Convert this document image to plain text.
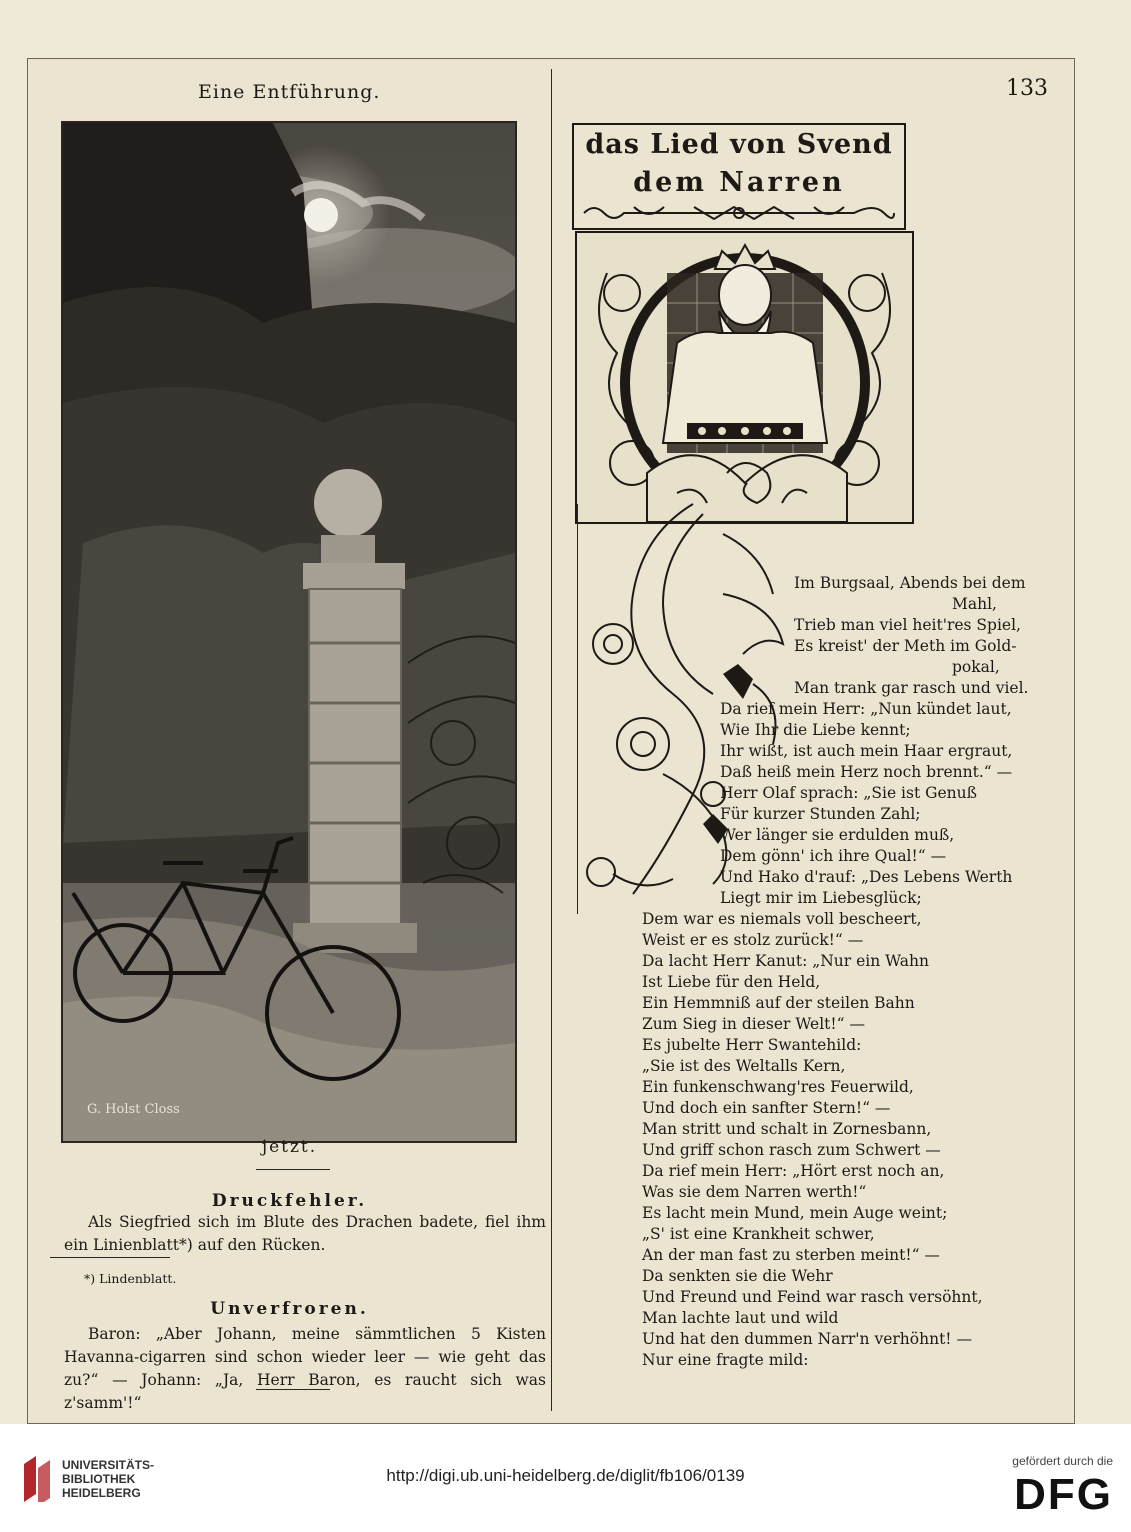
Eine Entführung.	133
G. Holst Closs
jetzt.
Druckfehler.

Als Siegfried sich im Blute des Drachen badete, fiel ihm ein Linienblatt*) auf den Rücken.

*) Lindenblatt.
Unverfroren.

Baron: „Aber Johann, meine sämmtlichen 5 Kisten Havanna-cigarren sind schon wieder leer — wie geht das zu?“ — Johann: „Ja, Herr Baron, es raucht sich was z'samm'!“

das Lied von Svend
dem Narren
Im Burgsaal, Abends bei dem
Mahl,
Trieb man viel heit'res Spiel,
Es kreist' der Meth im Gold-
pokal,
Man trank gar rasch und viel.
Da rief mein Herr: „Nun kündet laut,
Wie Ihr die Liebe kennt;
Ihr wißt, ist auch mein Haar ergraut,
Daß heiß mein Herz noch brennt.“ —
Herr Olaf sprach: „Sie ist Genuß
Für kurzer Stunden Zahl;
Wer länger sie erdulden muß,
Dem gönn' ich ihre Qual!“ —
Und Hako d'rauf: „Des Lebens Werth
Liegt mir im Liebesglück;
Dem war es niemals voll bescheert,
Weist er es stolz zurück!“ —
Da lacht Herr Kanut: „Nur ein Wahn
Ist Liebe für den Held,
Ein Hemmniß auf der steilen Bahn
Zum Sieg in dieser Welt!“ —
Es jubelte Herr Swantehild:
„Sie ist des Weltalls Kern,
Ein funkenschwang'res Feuerwild,
Und doch ein sanfter Stern!“ —
Man stritt und schalt in Zornesbann,
Und griff schon rasch zum Schwert —
Da rief mein Herr: „Hört erst noch an,
Was sie dem Narren werth!“
Es lacht mein Mund, mein Auge weint;
„S' ist eine Krankheit schwer,
An der man fast zu sterben meint!“ —
Da senkten sie die Wehr
Und Freund und Feind war rasch versöhnt,
Man lachte laut und wild
Und hat den dummen Narr'n verhöhnt! —
Nur eine fragte mild:
UNIVERSITÄTS-
BIBLIOTHEK
HEIDELBERG
http://digi.ub.uni-heidelberg.de/diglit/fb106/0139
gefördert durch die
DFG
